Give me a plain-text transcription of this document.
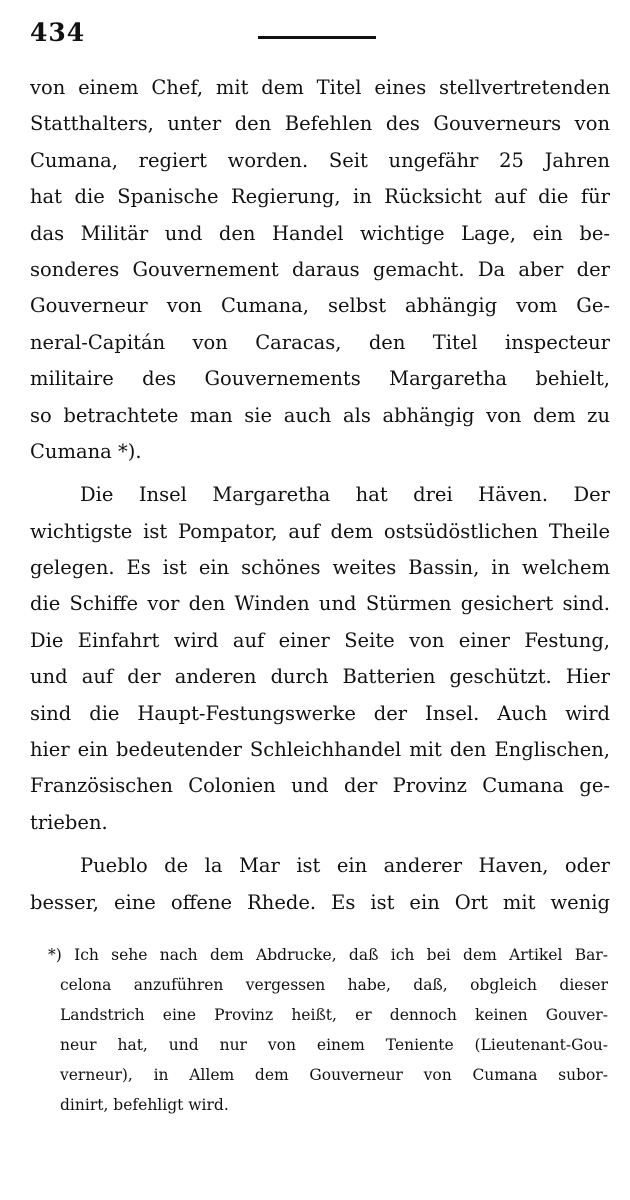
434
von einem Chef, mit dem Titel eines stellvertretenden
Statthalters, unter den Befehlen des Gouverneurs von
Cumana, regiert worden. Seit ungefähr 25 Jahren
hat die Spanische Regierung, in Rücksicht auf die für
das Militär und den Handel wichtige Lage, ein be-
sonderes Gouvernement daraus gemacht. Da aber der
Gouverneur von Cumana, selbst abhängig vom Ge-
neral-Capitán von Caracas, den Titel inspecteur
militaire des Gouvernements Margaretha behielt,
so betrachtete man sie auch als abhängig von dem zu
Cumana *).
Die Insel Margaretha hat drei Häven. Der
wichtigste ist Pompator, auf dem ostsüdöstlichen Theile
gelegen. Es ist ein schönes weites Bassin, in welchem
die Schiffe vor den Winden und Stürmen gesichert sind.
Die Einfahrt wird auf einer Seite von einer Festung,
und auf der anderen durch Batterien geschützt. Hier
sind die Haupt-Festungswerke der Insel. Auch wird
hier ein bedeutender Schleichhandel mit den Englischen,
Französischen Colonien und der Provinz Cumana ge-
trieben.
Pueblo de la Mar ist ein anderer Haven, oder
besser, eine offene Rhede. Es ist ein Ort mit wenig
*) Ich sehe nach dem Abdrucke, daß ich bei dem Artikel Bar-
celona anzuführen vergessen habe, daß, obgleich dieser
Landstrich eine Provinz heißt, er dennoch keinen Gouver-
neur hat, und nur von einem Teniente (Lieutenant-Gou-
verneur), in Allem dem Gouverneur von Cumana subor-
dinirt, befehligt wird.
